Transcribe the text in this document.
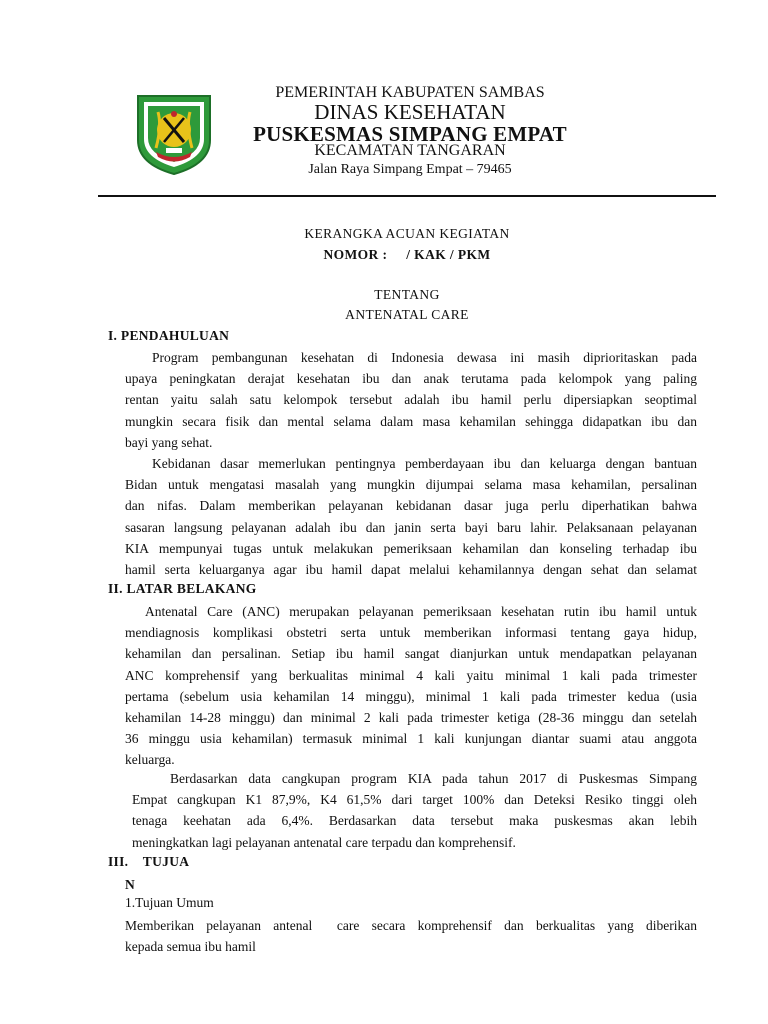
PEMERINTAH KABUPATEN SAMBAS
DINAS KESEHATAN
PUSKESMAS SIMPANG EMPAT
KECAMATAN TANGARAN
Jalan Raya Simpang Empat – 79465
KERANGKA ACUAN KEGIATAN
NOMOR :     / KAK / PKM
TENTANG
ANTENATAL CARE
I. PENDAHULUAN
Program pembangunan kesehatan di Indonesia dewasa ini masih diprioritaskan pada
upaya peningkatan derajat kesehatan ibu dan anak terutama pada kelompok yang paling
rentan yaitu salah satu kelompok tersebut adalah ibu hamil perlu dipersiapkan seoptimal
mungkin secara fisik dan mental selama dalam masa kehamilan sehingga didapatkan ibu dan
bayi yang sehat.
Kebidanan dasar memerlukan pentingnya pemberdayaan ibu dan keluarga dengan bantuan
Bidan untuk mengatasi masalah yang mungkin dijumpai selama masa kehamilan, persalinan
dan nifas. Dalam memberikan pelayanan kebidanan dasar juga perlu diperhatikan bahwa
sasaran langsung pelayanan adalah ibu dan janin serta bayi baru lahir. Pelaksanaan pelayanan
KIA mempunyai tugas untuk melakukan pemeriksaan kehamilan dan konseling terhadap ibu
hamil serta keluarganya agar ibu hamil dapat melalui kehamilannya dengan sehat dan selamat
II. LATAR BELAKANG
Antenatal Care (ANC) merupakan pelayanan pemeriksaan kesehatan rutin ibu hamil untuk
mendiagnosis komplikasi obstetri serta untuk memberikan informasi tentang gaya hidup,
kehamilan dan persalinan. Setiap ibu hamil sangat dianjurkan untuk mendapatkan pelayanan
ANC komprehensif yang berkualitas minimal 4 kali yaitu minimal 1 kali pada trimester
pertama (sebelum usia kehamilan 14 minggu), minimal 1 kali pada trimester kedua (usia
kehamilan 14-28 minggu) dan minimal 2 kali pada trimester ketiga (28-36 minggu dan setelah
36 minggu usia kehamilan) termasuk minimal 1 kali kunjungan diantar suami atau anggota
keluarga.
Berdasarkan data cangkupan program KIA pada tahun 2017 di Puskesmas Simpang
Empat cangkupan K1 87,9%, K4 61,5% dari target 100% dan Deteksi Resiko tinggi oleh
tenaga keehatan ada 6,4%. Berdasarkan data tersebut maka puskesmas akan lebih
meningkatkan lagi pelayanan antenatal care terpadu dan komprehensif.
III.    TUJUA
N
1.Tujuan Umum
Memberikan pelayanan antenal  care secara komprehensif dan berkualitas yang diberikan
kepada semua ibu hamil
